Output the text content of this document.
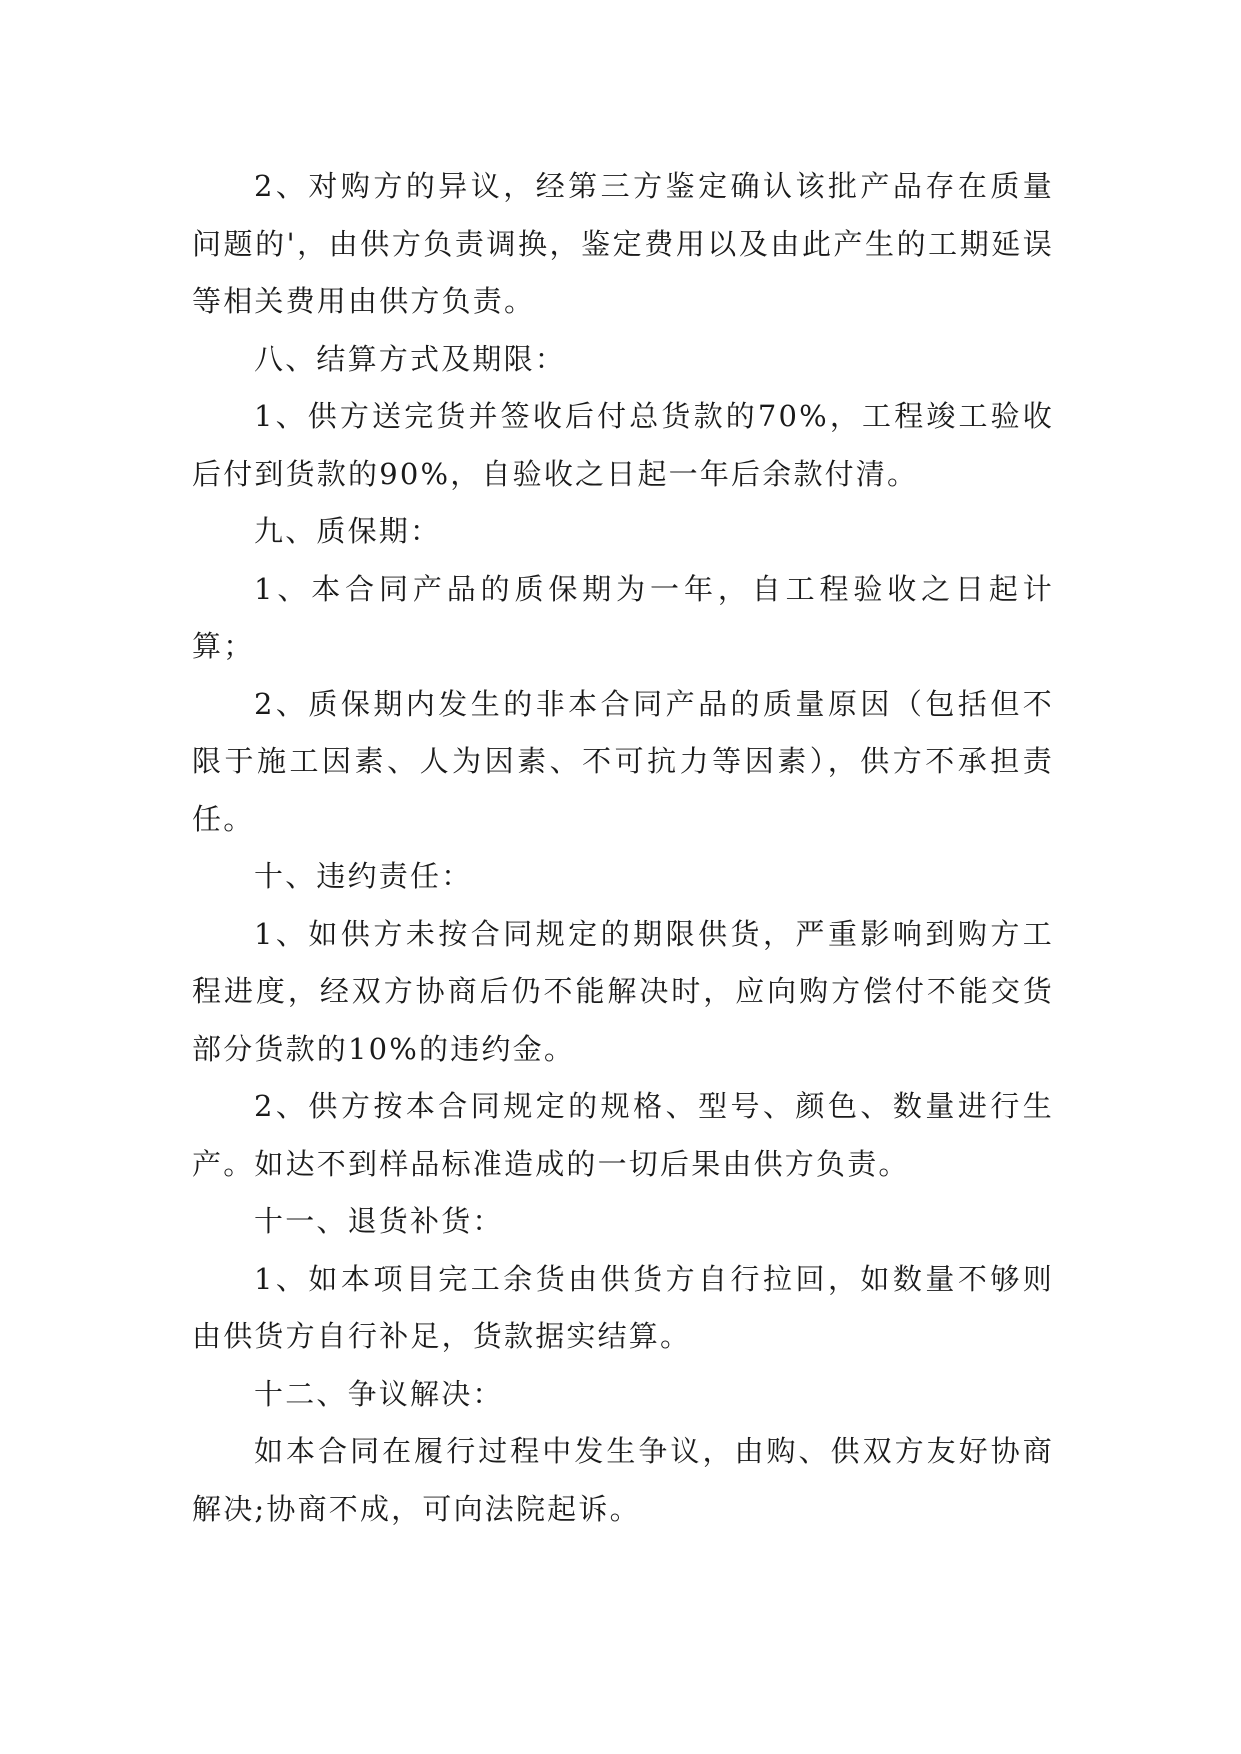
2、对购方的异议，经第三方鉴定确认该批产品存在质量问题的'，由供方负责调换，鉴定费用以及由此产生的工期延误等相关费用由供方负责。

八、结算方式及期限：

1、供方送完货并签收后付总货款的70%，工程竣工验收后付到货款的90%，自验收之日起一年后余款付清。

九、质保期：

1、本合同产品的质保期为一年，自工程验收之日起计算；

2、质保期内发生的非本合同产品的质量原因（包括但不限于施工因素、人为因素、不可抗力等因素），供方不承担责任。

十、违约责任：

1、如供方未按合同规定的期限供货，严重影响到购方工程进度，经双方协商后仍不能解决时，应向购方偿付不能交货部分货款的10%的违约金。

2、供方按本合同规定的规格、型号、颜色、数量进行生产。如达不到样品标准造成的一切后果由供方负责。

十一、退货补货：

1、如本项目完工余货由供货方自行拉回，如数量不够则由供货方自行补足，货款据实结算。

十二、争议解决：

如本合同在履行过程中发生争议，由购、供双方友好协商解决;协商不成，可向法院起诉。
